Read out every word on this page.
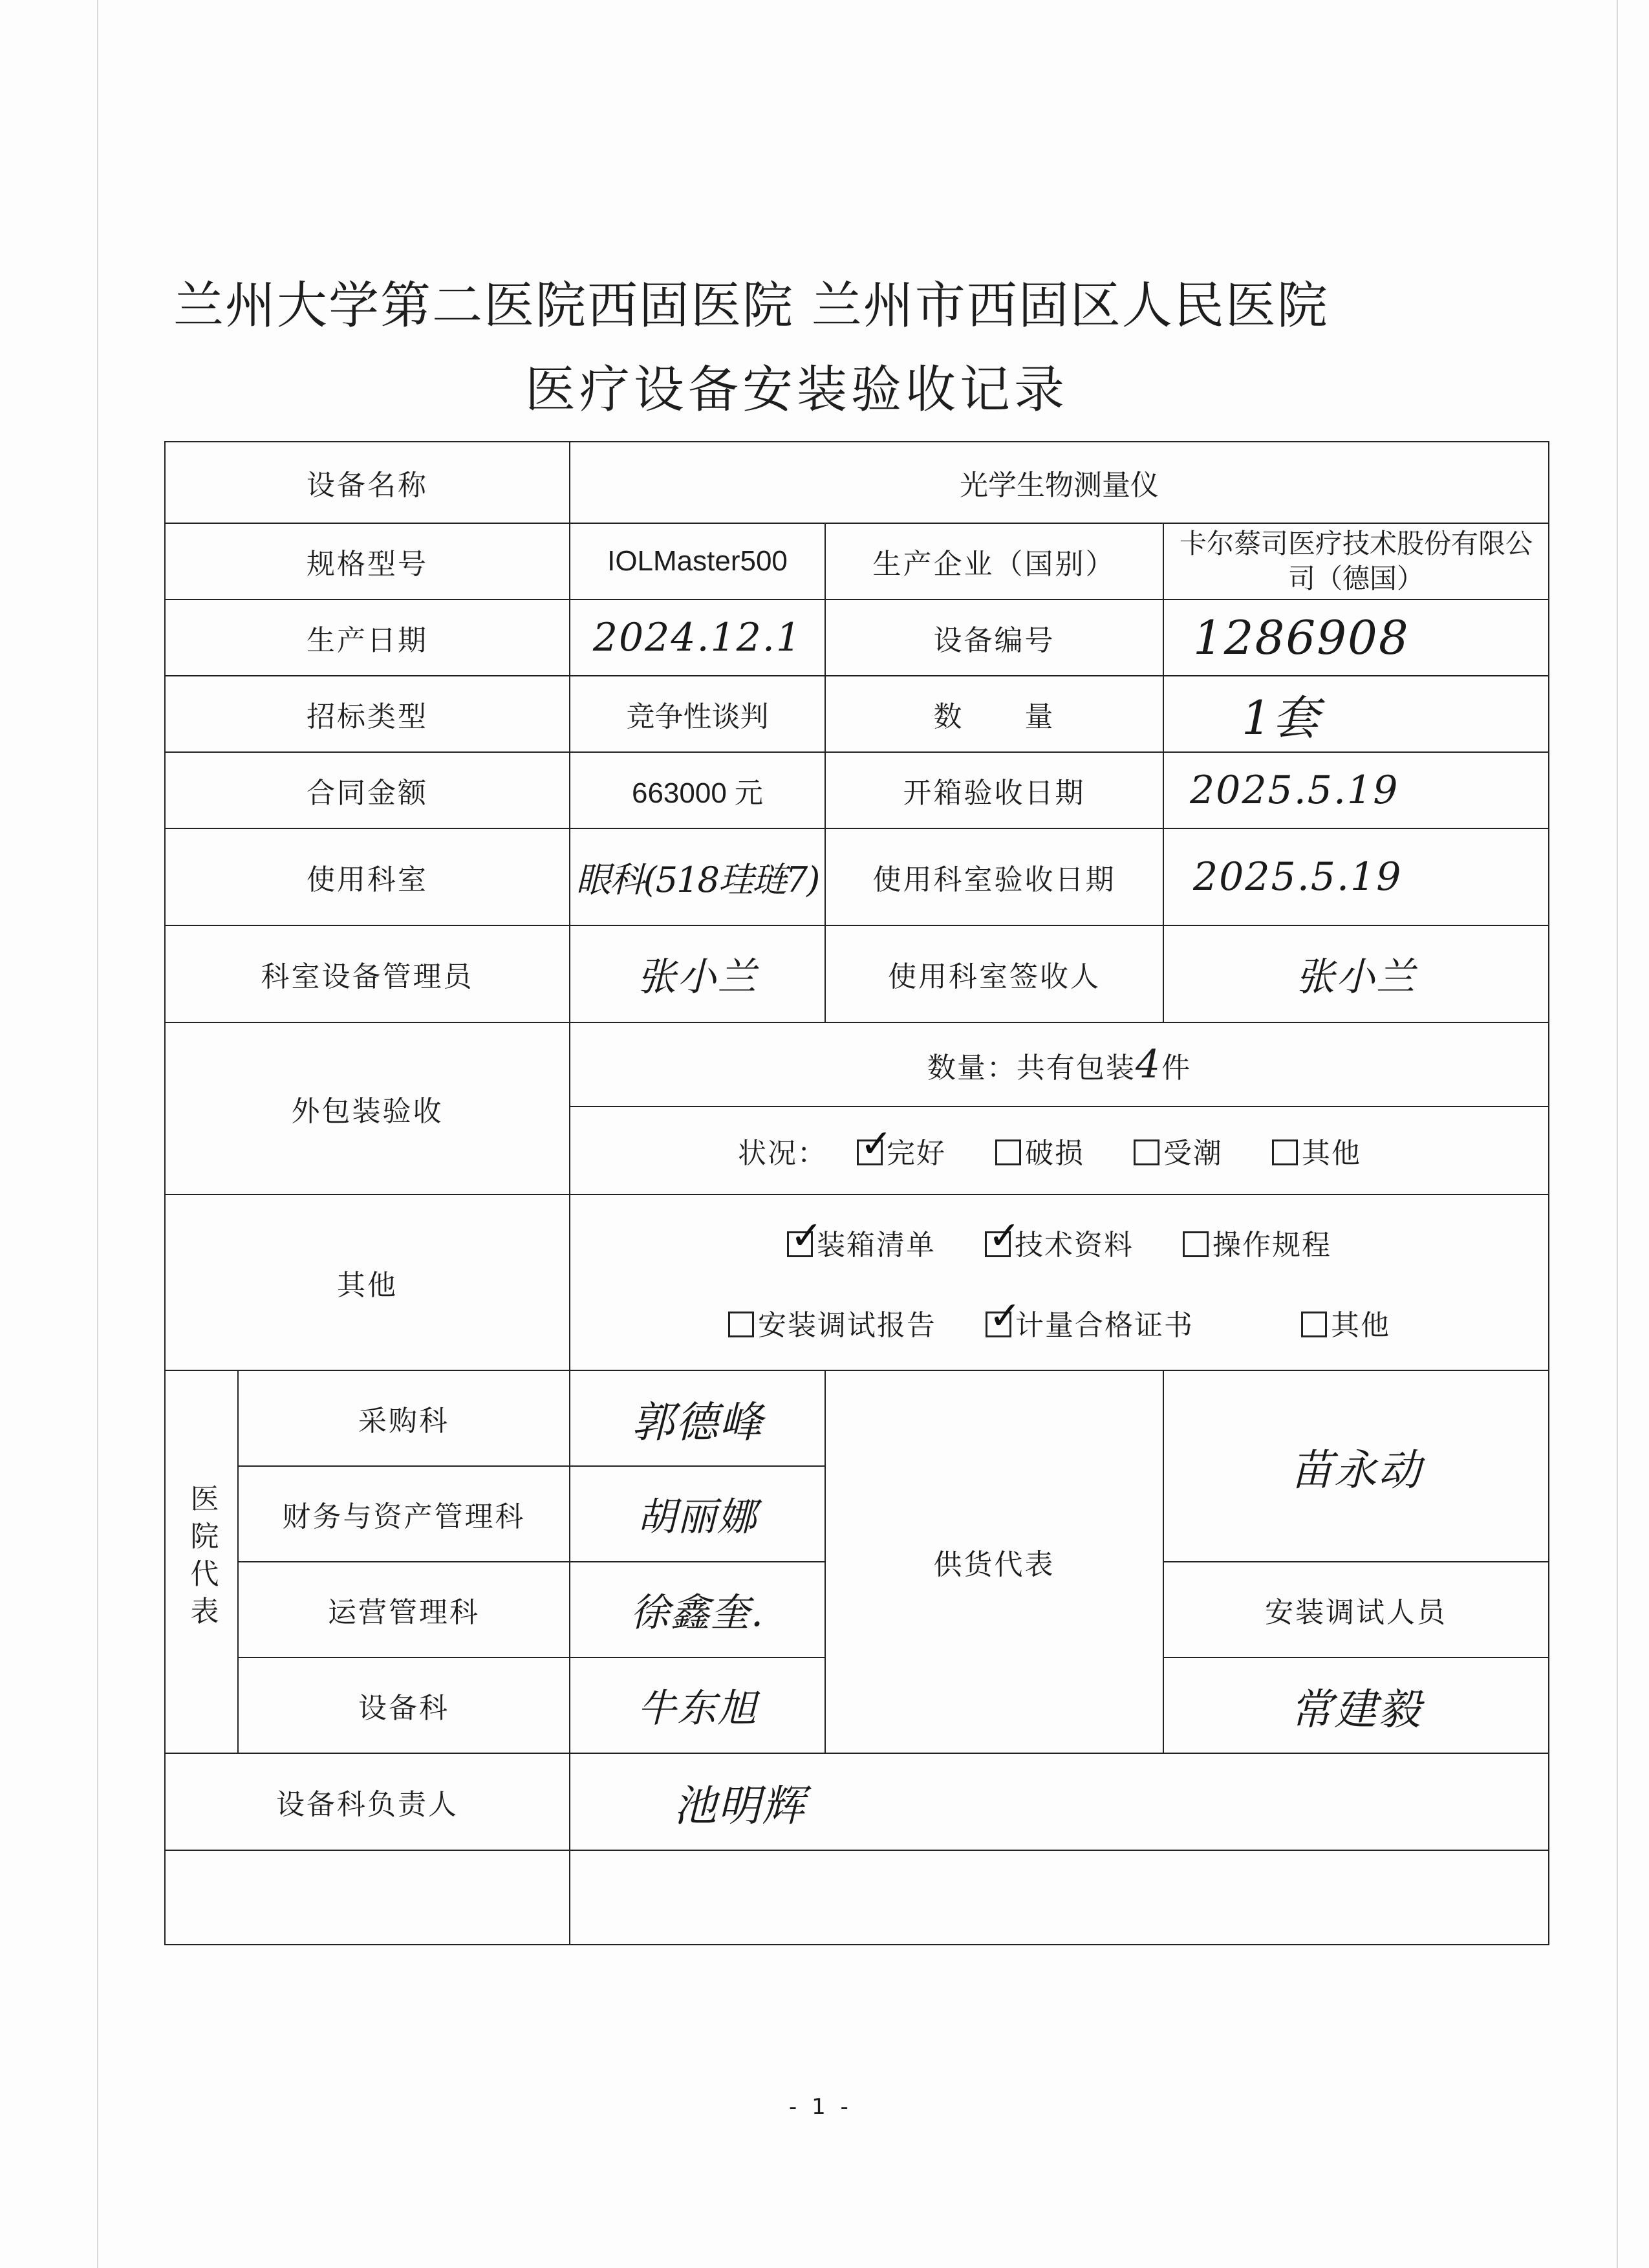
兰州大学第二医院西固医院 兰州市西固区人民医院
医疗设备安装验收记录
设备名称		光学生物测量仪		
规格型号		IOLMaster500	生产企业（国别）	卡尔蔡司医疗技术股份有限公司（德国）
生产日期		2024.12.1	设备编号	1286908
招标类型		竞争性谈判	数　　量	1套
合同金额		663000 元	开箱验收日期	2025.5.19
使用科室		眼科(518珪琏7)	使用科室验收日期	2025.5.19
科室设备管理员		张小兰	使用科室签收人	张小兰
外包装验收		数量：共有包装4件		
		状况： ✓ 完好 破损 受潮 其他
其他	
✓装箱清单 ✓ 技术资料 操作规程
安装调试报告 ✓ 计量合格证书 其他

医院代表	采购科	郭德峰	供货代表	苗永动
	财务与资产管理科	胡丽娜		
	运营管理科	徐鑫奎.		安装调试人员
	设备科	牛东旭		常建毅
设备科负责人		池明辉		

- 1 -
